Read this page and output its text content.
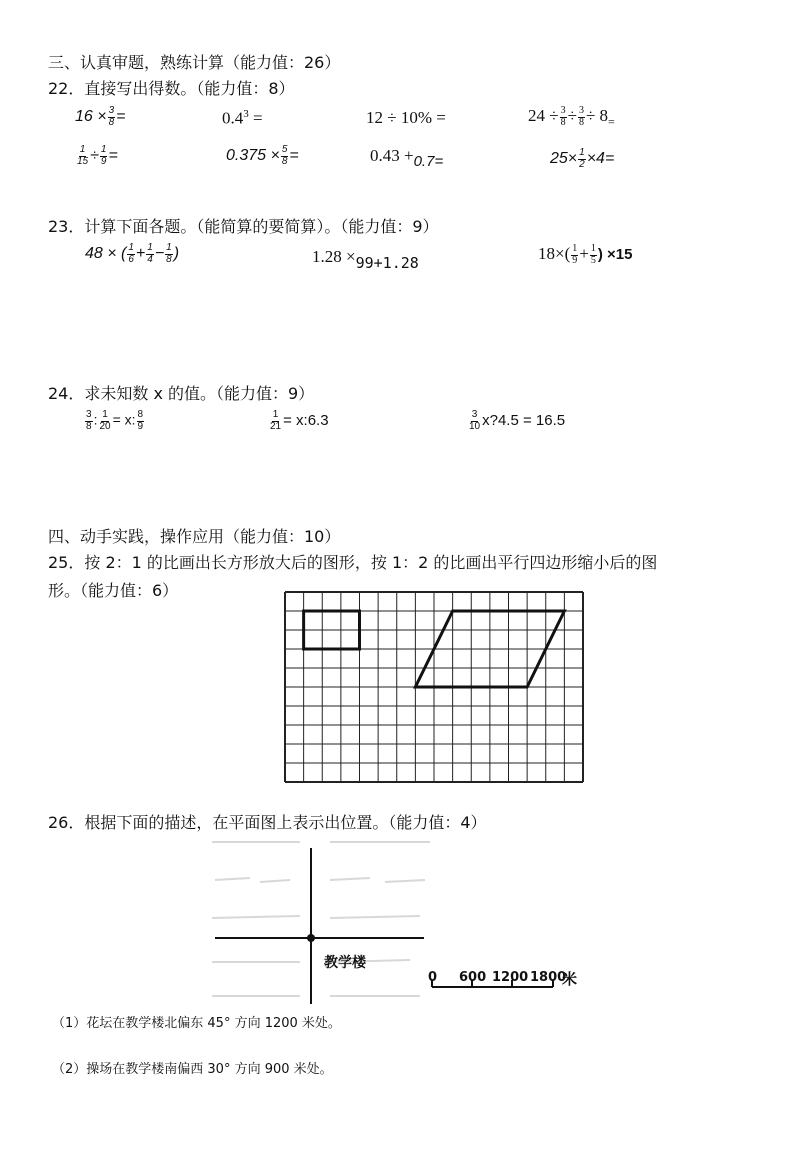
三、认真审题，熟练计算（能力值：26）
22．直接写出得数。（能力值：8）
$16 \times \frac{3}{8}$ =	$0.4^3$ =	12 ÷ 10% =	$24 \div \frac{3}{8} \div \frac{3}{8} \div 8_=$
$\frac{1}{15} \div \frac{1}{9}$ =	$0.375 \times \frac{5}{8}$ =	0.43 +0.7=	$25\times \frac{1}{2} \times 4=$
23．计算下面各题。（能简算的要简算）。（能力值：9）
48 × ( $\frac{1}{6} + \frac{1}{4} - \frac{1}{8}$ )	1.28 ×99+1.28	$18\times( \frac{1}{9} + \frac{1}{5}$ ) ×15
24．求未知数 x 的值。（能力值：9）
$\frac{3}{8}$ : $\frac{1}{20} = x$: $\frac{8}{9}$	$\frac{1}{21}$ = x:6.3	$\frac{3}{10}$ x?4.5 = 16.5
四、动手实践，操作应用（能力值：10）
25．按 2：1 的比画出长方形放大后的图形，按 1：2 的比画出平行四边形缩小后的图
形。（能力值：6）
26．根据下面的描述，在平面图上表示出位置。（能力值：4）
教学楼
0 600 1200 1800
米
（1）花坛在教学楼北偏东 45° 方向 1200 米处。
（2）操场在教学楼南偏西 30° 方向 900 米处。
